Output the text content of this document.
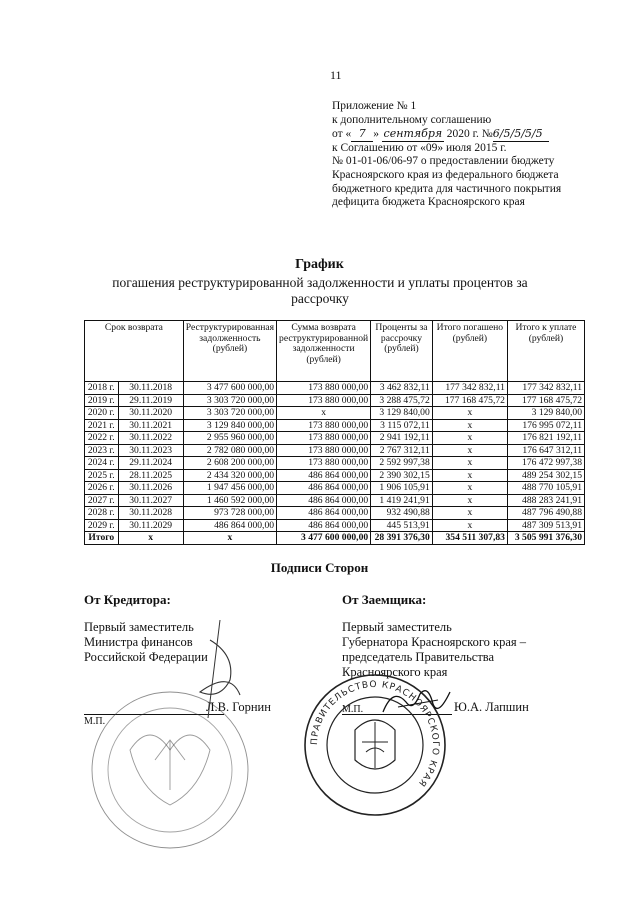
11
Приложение № 1
к дополнительному соглашению
от « 7 » сентября 2020 г. №6/5/5/5/5
к Соглашению от «09» июля 2015 г.
№ 01-01-06/06-97 о предоставлении бюджету
Красноярского края из федерального бюджета
бюджетного кредита для частичного покрытия
дефицита бюджета Красноярского края
График
погашения реструктурированной задолженности и уплаты процентов за рассрочку
Срок возврата		Реструктурированная задолженность (рублей)	Сумма возврата реструктурированной задолженности (рублей)	Проценты за рассрочку (рублей)	Итого погашено (рублей)	Итого к уплате (рублей)
2018 г.	30.11.2018	3 477 600 000,00	173 880 000,00	3 462 832,11	177 342 832,11	177 342 832,11
2019 г.	29.11.2019	3 303 720 000,00	173 880 000,00	3 288 475,72	177 168 475,72	177 168 475,72
2020 г.	30.11.2020	3 303 720 000,00	х	3 129 840,00	х	3 129 840,00
2021 г.	30.11.2021	3 129 840 000,00	173 880 000,00	3 115 072,11	х	176 995 072,11
2022 г.	30.11.2022	2 955 960 000,00	173 880 000,00	2 941 192,11	х	176 821 192,11
2023 г.	30.11.2023	2 782 080 000,00	173 880 000,00	2 767 312,11	х	176 647 312,11
2024 г.	29.11.2024	2 608 200 000,00	173 880 000,00	2 592 997,38	х	176 472 997,38
2025 г.	28.11.2025	2 434 320 000,00	486 864 000,00	2 390 302,15	х	489 254 302,15
2026 г.	30.11.2026	1 947 456 000,00	486 864 000,00	1 906 105,91	х	488 770 105,91
2027 г.	30.11.2027	1 460 592 000,00	486 864 000,00	1 419 241,91	х	488 283 241,91
2028 г.	30.11.2028	973 728 000,00	486 864 000,00	932 490,88	х	487 796 490,88
2029 г.	30.11.2029	486 864 000,00	486 864 000,00	445 513,91	х	487 309 513,91
Итого	х	х	3 477 600 000,00	28 391 376,30	354 511 307,83	3 505 991 376,30
Подписи Сторон
От Кредитора:
Первый заместитель
Министра финансов
Российской Федерации
Л.В. Горнин
М.П.
От Заемщика:
Первый заместитель
Губернатора Красноярского края –
председатель Правительства
Красноярского края
Ю.А. Лапшин
М.П.
ПРАВИТЕЛЬСТВО КРАСНОЯРСКОГО КРАЯ
